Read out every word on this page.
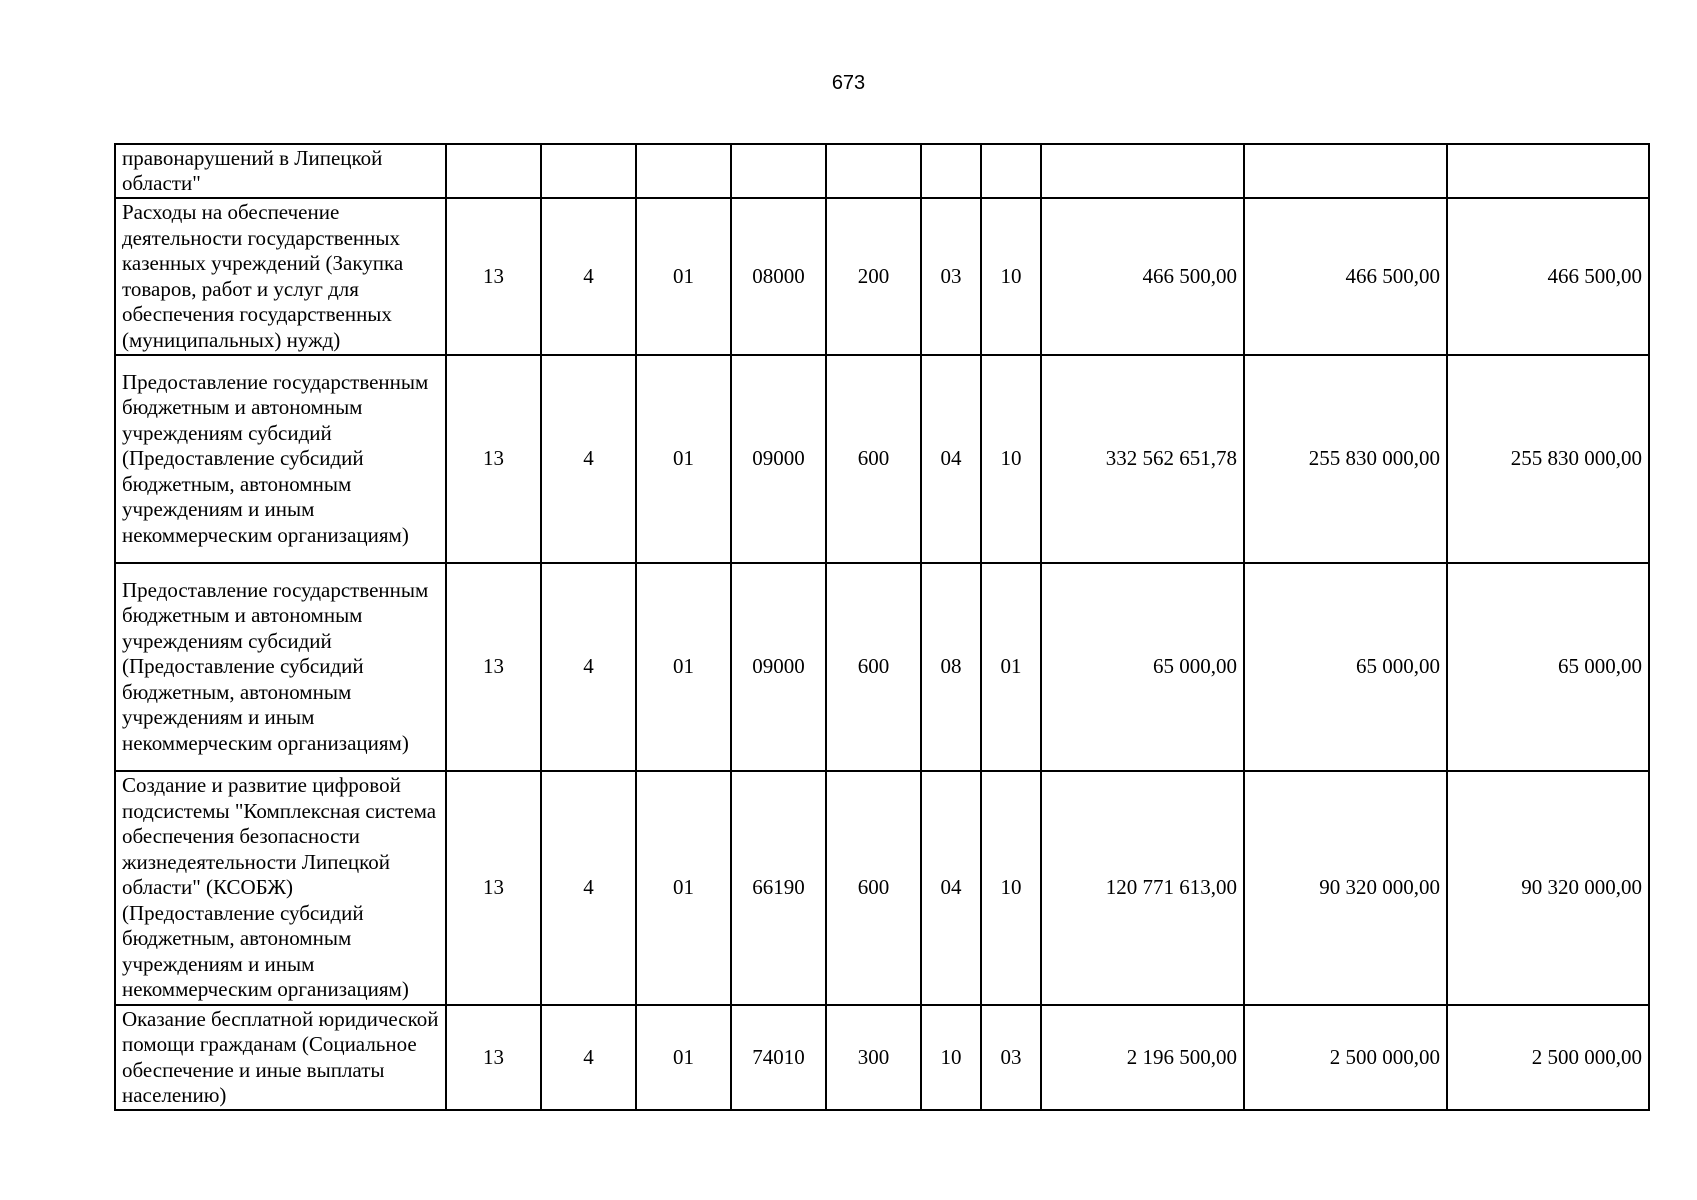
673
правонарушений в Липецкой области"										
Расходы на обеспечение деятельности государственных казенных учреждений (Закупка товаров, работ и услуг для обеспечения государственных (муниципальных) нужд)	13	4	01	08000	200	03	10	466 500,00	466 500,00	466 500,00
Предоставление государственным бюджетным и автономным учреждениям субсидий (Предоставление субсидий бюджетным, автономным учреждениям и иным некоммерческим организациям)	13	4	01	09000	600	04	10	332 562 651,78	255 830 000,00	255 830 000,00
Предоставление государственным бюджетным и автономным учреждениям субсидий (Предоставление субсидий бюджетным, автономным учреждениям и иным некоммерческим организациям)	13	4	01	09000	600	08	01	65 000,00	65 000,00	65 000,00
Создание и развитие цифровой подсистемы "Комплексная система обеспечения безопасности жизнедеятельности Липецкой области" (КСОБЖ) (Предоставление субсидий бюджетным, автономным учреждениям и иным некоммерческим организациям)	13	4	01	66190	600	04	10	120 771 613,00	90 320 000,00	90 320 000,00
Оказание бесплатной юридической помощи гражданам (Социальное обеспечение и иные выплаты населению)	13	4	01	74010	300	10	03	2 196 500,00	2 500 000,00	2 500 000,00
